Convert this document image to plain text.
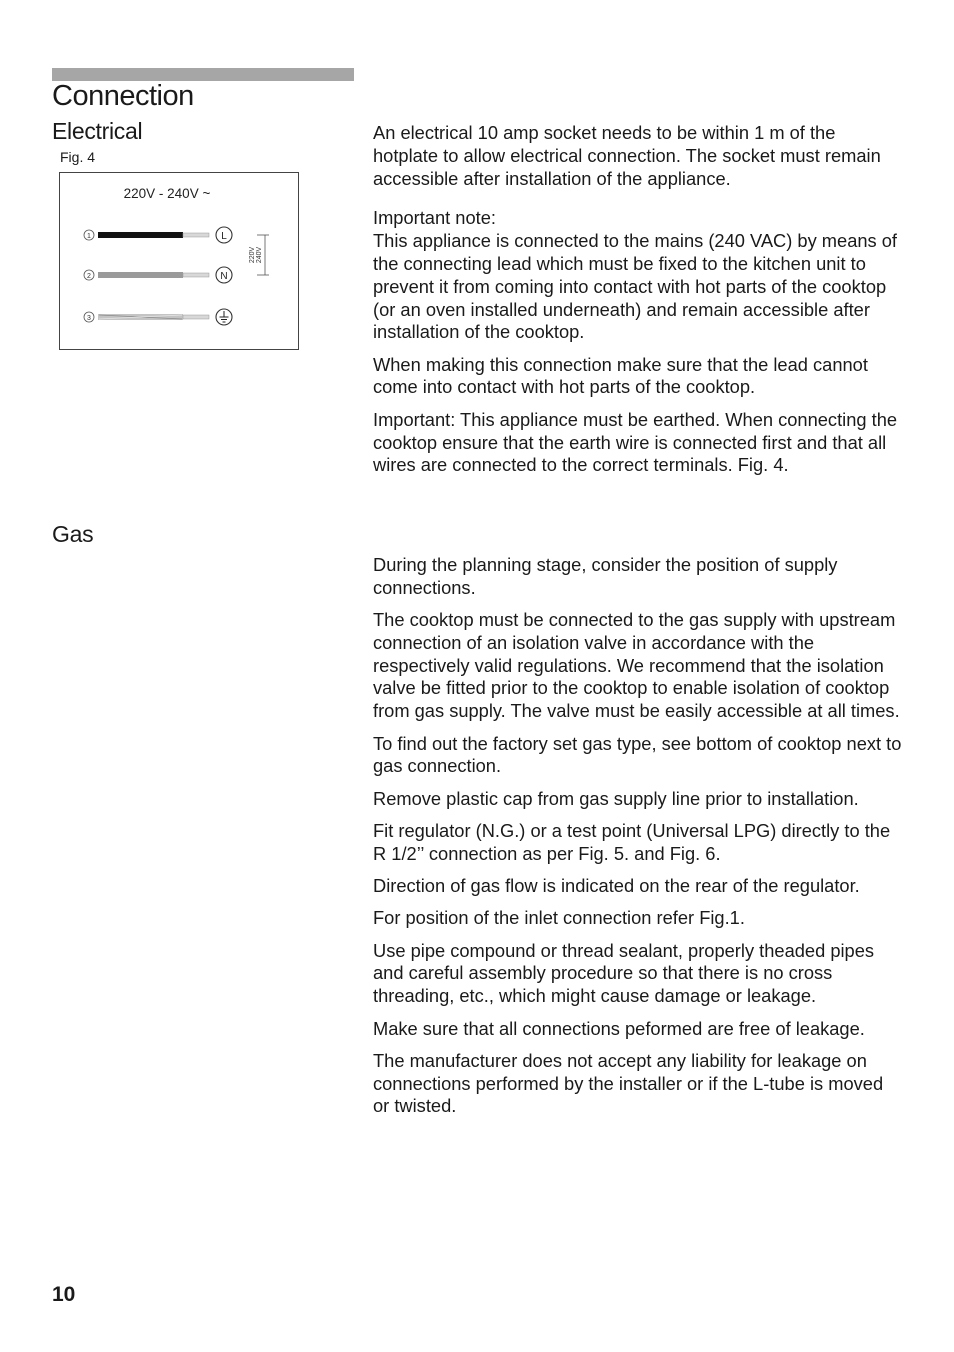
Connection
Electrical
Fig. 4
220V - 240V ~
1	L
2	N
3
220V 240V

An electrical 10 amp socket needs to be within 1 m of the hotplate to allow electrical connection. The socket must remain accessible after installation of the appliance.

Important note:

This appliance is connected to the mains (240 VAC) by means of the connecting lead which must be fixed to the kitchen unit to prevent it from coming into contact with hot parts of the cooktop (or an oven installed underneath) and remain accessible after installation of the cooktop.

When making this connection make sure that the lead cannot come into contact with hot parts of the cooktop.

Important: This appliance must be earthed. When connecting the cooktop ensure that the earth wire is connected first and that all wires are connected to the correct terminals. Fig. 4.

Gas

During the planning stage, consider the position of supply connections.

The cooktop must be connected to the gas supply with upstream connection of an isolation valve in accordance with the respectively valid regulations. We recommend that the isolation valve be fitted prior to the cooktop to enable isolation of cooktop from gas supply. The valve must be easily accessible at all times.

To find out the factory set gas type, see bottom of cooktop next to gas connection.

Remove plastic cap from gas supply line prior to installation.

Fit regulator (N.G.) or a test point (Universal LPG) directly to the R 1/2’’ connection as per Fig. 5. and Fig. 6.

Direction of gas flow is indicated on the rear of the regulator.

For position of the inlet connection refer Fig.1.

Use pipe compound or thread sealant, properly theaded pipes and careful assembly procedure so that there is no cross threading, etc., which might cause damage or leakage.

Make sure that all connections peformed are free of leakage.

The manufacturer does not accept any liability for leakage on connections performed by the installer or if the L-tube is moved or twisted.

10
